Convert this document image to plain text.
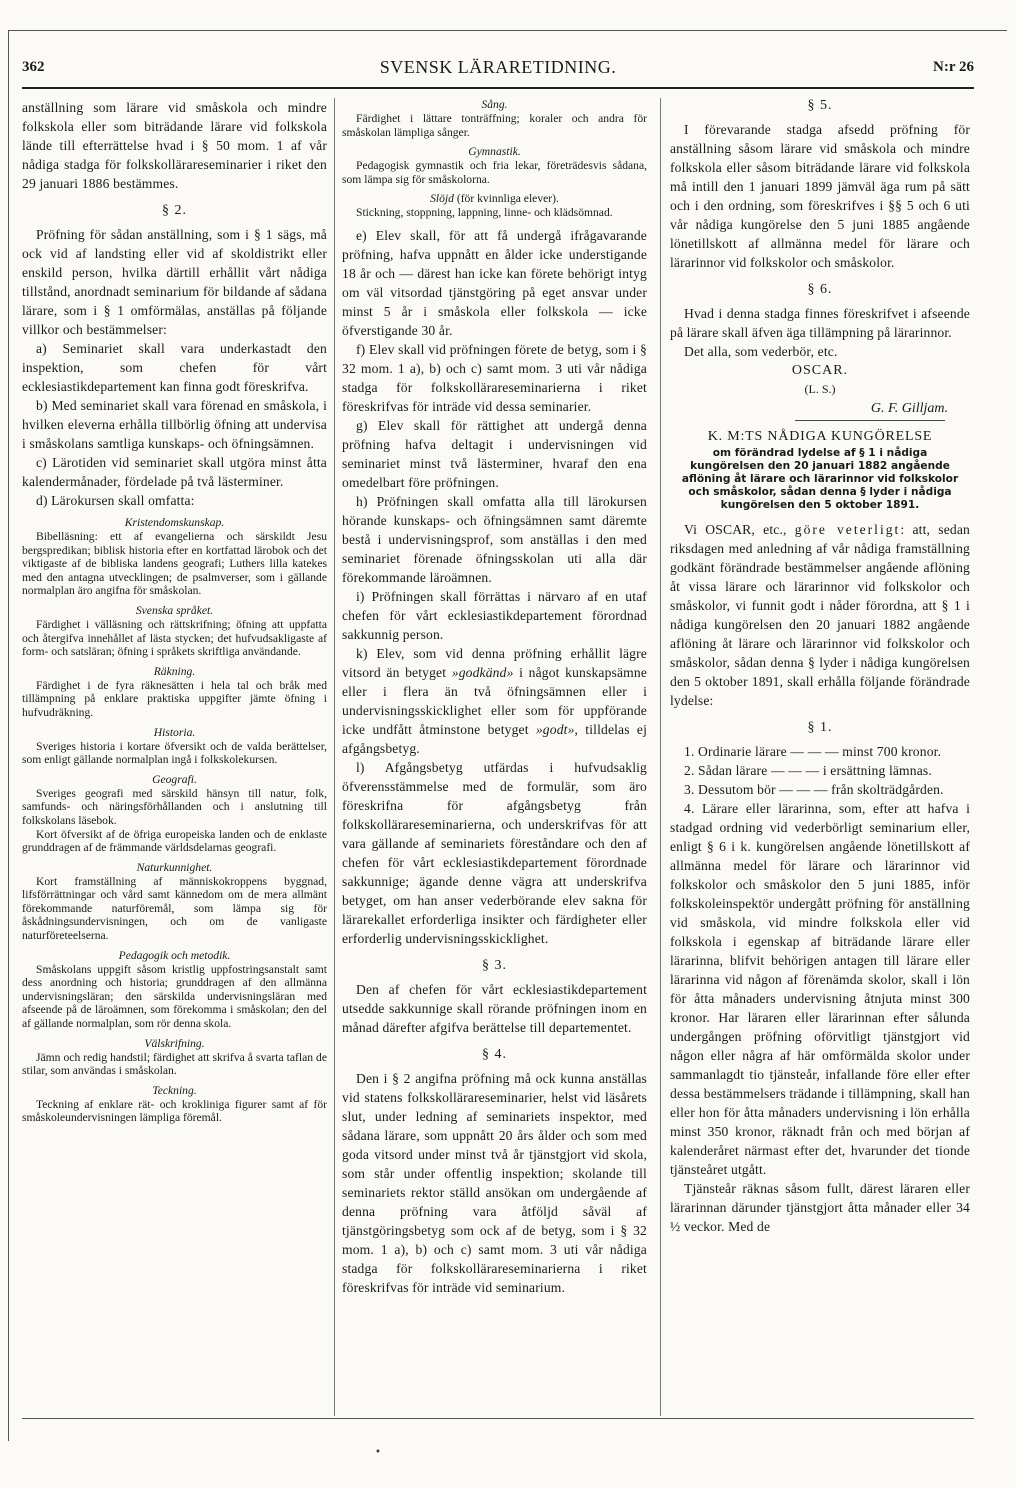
362	SVENSK LÄRARETIDNING.	N:r 26

anställning som lärare vid småskola och mindre folkskola eller som biträdande lärare vid folkskola lände till efterrättelse hvad i § 50 mom. 1 af vår nådiga stadga för folkskollärareseminarier i riket den 29 januari 1886 bestämmes.

§ 2.

Pröfning för sådan anställning, som i § 1 sägs, må ock vid af landsting eller vid af skoldistrikt eller enskild person, hvilka därtill erhållit vårt nådiga tillstånd, anordnadt seminarium för bildande af sådana lärare, som i § 1 omförmälas, anställas på följande villkor och bestämmelser:

a) Seminariet skall vara underkastadt den inspektion, som chefen för vårt ecklesiastikdepartement kan finna godt föreskrifva.

b) Med seminariet skall vara förenad en småskola, i hvilken eleverna erhålla tillbörlig öfning att undervisa i småskolans samtliga kunskaps- och öfningsämnen.

c) Lärotiden vid seminariet skall utgöra minst åtta kalendermånader, fördelade på två lästerminer.

d) Lärokursen skall omfatta:

Kristendomskunskap.

Bibelläsning: ett af evangelierna och särskildt Jesu bergspredikan; biblisk historia efter en kortfattad lärobok och det viktigaste af de bibliska landens geografi; Luthers lilla katekes med den antagna utvecklingen; de psalmverser, som i gällande normalplan äro angifna för småskolan.

Svenska språket.

Färdighet i välläsning och rättskrifning; öfning att uppfatta och återgifva innehållet af lästa stycken; det hufvudsakligaste af form- och satsläran; öfning i språkets skriftliga användande.

Räkning.

Färdighet i de fyra räknesätten i hela tal och bråk med tillämpning på enklare praktiska uppgifter jämte öfning i hufvudräkning.

Historia.

Sveriges historia i kortare öfversikt och de valda berättelser, som enligt gällande normalplan ingå i folkskolekursen.

Geografi.

Sveriges geografi med särskild hänsyn till natur, folk, samfunds- och näringsförhållanden och i anslutning till folkskolans läsebok.

Kort öfversikt af de öfriga europeiska landen och de enklaste grunddragen af de främmande världsdelarnas geografi.

Naturkunnighet.

Kort framställning af människokroppens byggnad, lifsförrättningar och vård samt kännedom om de mera allmänt förekommande naturföremål, som lämpa sig för åskådningsundervisningen, och om de vanligaste naturföreteelserna.

Pedagogik och metodik.

Småskolans uppgift såsom kristlig uppfostringsanstalt samt dess anordning och historia; grunddragen af den allmänna undervisningsläran; den särskilda undervisningsläran med afseende på de läroämnen, som förekomma i småskolan; den del af gällande normalplan, som rör denna skola.

Välskrifning.

Jämn och redig handstil; färdighet att skrifva å svarta taflan de stilar, som användas i småskolan.

Teckning.

Teckning af enklare rät- och krokliniga figurer samt af för småskoleundervisningen lämpliga föremål.

Sång.

Färdighet i lättare tonträffning; koraler och andra för småskolan lämpliga sånger.

Gymnastik.

Pedagogisk gymnastik och fria lekar, företrädesvis sådana, som lämpa sig för småskolorna.

Slöjd (för kvinnliga elever).

Stickning, stoppning, lappning, linne- och klädsömnad.

e) Elev skall, för att få undergå ifrågavarande pröfning, hafva uppnått en ålder icke understigande 18 år och — därest han icke kan förete behörigt intyg om väl vitsordad tjänstgöring på eget ansvar under minst 5 år i småskola eller folkskola — icke öfverstigande 30 år.

f) Elev skall vid pröfningen förete de betyg, som i § 32 mom. 1 a), b) och c) samt mom. 3 uti vår nådiga stadga för folkskollärareseminarierna i riket föreskrifvas för inträde vid dessa seminarier.

g) Elev skall för rättighet att undergå denna pröfning hafva deltagit i undervisningen vid seminariet minst två lästerminer, hvaraf den ena omedelbart före pröfningen.

h) Pröfningen skall omfatta alla till lärokursen hörande kunskaps- och öfningsämnen samt däremte bestå i undervisningsprof, som anställas i den med seminariet förenade öfningsskolan uti alla där förekommande läroämnen.

i) Pröfningen skall förrättas i närvaro af en utaf chefen för vårt ecklesiastikdepartement förordnad sakkunnig person.

k) Elev, som vid denna pröfning erhållit lägre vitsord än betyget »godkänd» i något kunskapsämne eller i flera än två öfningsämnen eller i undervisningsskicklighet eller som för uppförande icke undfått åtminstone betyget »godt», tilldelas ej afgångsbetyg.

l) Afgångsbetyg utfärdas i hufvudsaklig öfverensstämmelse med de formulär, som äro föreskrifna för afgångsbetyg från folkskollärareseminarierna, och underskrifvas för att vara gällande af seminariets föreståndare och den af chefen för vårt ecklesiastikdepartement förordnade sakkunnige; ägande denne vägra att underskrifva betyget, om han anser vederbörande elev sakna för lärarekallet erforderliga insikter och färdigheter eller erforderlig undervisningsskicklighet.

§ 3.

Den af chefen för vårt ecklesiastikdepartement utsedde sakkunnige skall rörande pröfningen inom en månad därefter afgifva berättelse till departementet.

§ 4.

Den i § 2 angifna pröfning må ock kunna anställas vid statens folkskollärareseminarier, helst vid läsårets slut, under ledning af seminariets inspektor, med sådana lärare, som uppnått 20 års ålder och som med goda vitsord under minst två år tjänstgjort vid skola, som står under offentlig inspektion; skolande till seminariets rektor ställd ansökan om undergående af denna pröfning vara åtföljd såväl af tjänstgöringsbetyg som ock af de betyg, som i § 32 mom. 1 a), b) och c) samt mom. 3 uti vår nådiga stadga för folkskollärareseminarierna i riket föreskrifvas för inträde vid seminarium.

§ 5.

I förevarande stadga afsedd pröfning för anställning såsom lärare vid småskola och mindre folkskola eller såsom biträdande lärare vid folkskola må intill den 1 januari 1899 jämväl äga rum på sätt och i den ordning, som föreskrifves i §§ 5 och 6 uti vår nådiga kungörelse den 5 juni 1885 angående lönetillskott af allmänna medel för lärare och lärarinnor vid folkskolor och småskolor.

§ 6.

Hvad i denna stadga finnes föreskrifvet i afseende på lärare skall äfven äga tillämpning på lärarinnor.

Det alla, som vederbör, etc.

OSCAR.
(L. S.)
G. F. Gilljam.
K. M:TS NÅDIGA KUNGÖRELSE
om förändrad lydelse af § 1 i nådiga kungörelsen den 20 januari 1882 angående aflöning åt lärare och lärarinnor vid folkskolor och småskolor, sådan denna § lyder i nådiga kungörelsen den 5 oktober 1891.

Vi OSCAR, etc., göre veterligt: att, sedan riksdagen med anledning af vår nådiga framställning godkänt förändrade bestämmelser angående aflöning åt vissa lärare och lärarinnor vid folkskolor och småskolor, vi funnit godt i nåder förordna, att § 1 i nådiga kungörelsen den 20 januari 1882 angående aflöning åt lärare och lärarinnor vid folkskolor och småskolor, sådan denna § lyder i nådiga kungörelsen den 5 oktober 1891, skall erhålla följande förändrade lydelse:

§ 1.

1. Ordinarie lärare — — — minst 700 kronor.

2. Sådan lärare — — — i ersättning lämnas.

3. Dessutom bör — — — från skolträdgården.

4. Lärare eller lärarinna, som, efter att hafva i stadgad ordning vid vederbörligt seminarium eller, enligt § 6 i k. kungörelsen angående lönetillskott af allmänna medel för lärare och lärarinnor vid folkskolor och småskolor den 5 juni 1885, inför folkskoleinspektör undergått pröfning för anställning vid småskola, vid mindre folkskola eller vid folkskola i egenskap af biträdande lärare eller lärarinna, blifvit behörigen antagen till lärare eller lärarinna vid någon af förenämda skolor, skall i lön för åtta månaders undervisning åtnjuta minst 300 kronor. Har läraren eller lärarinnan efter sålunda undergången pröfning oförvitligt tjänstgjort vid någon eller några af här omförmälda skolor under sammanlagdt tio tjänsteår, infallande före eller efter dessa bestämmelsers trädande i tillämpning, skall han eller hon för åtta månaders undervisning i lön erhålla minst 350 kronor, räknadt från och med början af kalenderåret närmast efter det, hvarunder det tionde tjänsteåret utgått.

Tjänsteår räknas såsom fullt, därest läraren eller lärarinnan därunder tjänstgjort åtta månader eller 34 ½ veckor. Med de

•
